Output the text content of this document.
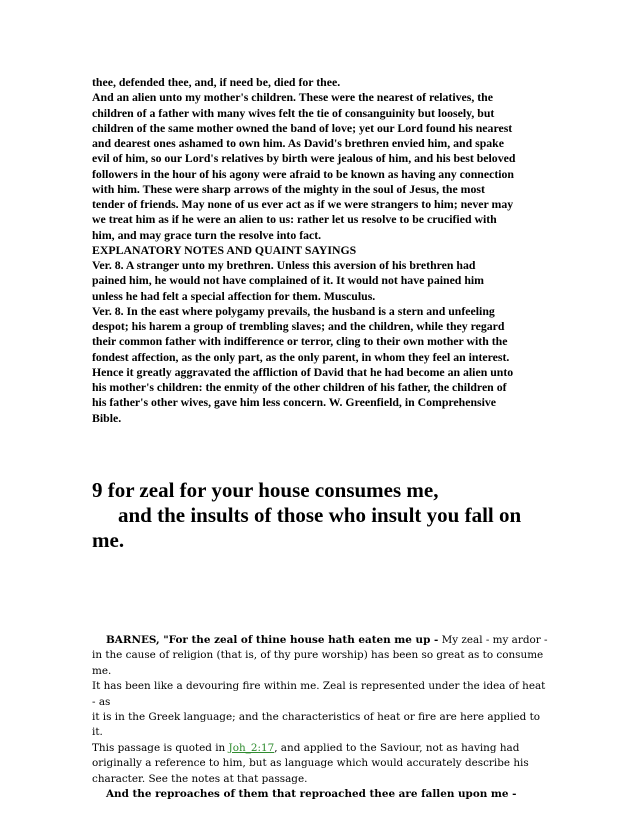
thee, defended thee, and, if need be, died for thee.

And an alien unto my mother's children. These were the nearest of relatives, the

children of a father with many wives felt the tie of consanguinity but loosely, but

children of the same mother owned the band of love; yet our Lord found his nearest

and dearest ones ashamed to own him. As David's brethren envied him, and spake

evil of him, so our Lord's relatives by birth were jealous of him, and his best beloved

followers in the hour of his agony were afraid to be known as having any connection

with him. These were sharp arrows of the mighty in the soul of Jesus, the most

tender of friends. May none of us ever act as if we were strangers to him; never may

we treat him as if he were an alien to us: rather let us resolve to be crucified with

him, and may grace turn the resolve into fact.

EXPLANATORY NOTES AND QUAINT SAYINGS

Ver. 8. A stranger unto my brethren. Unless this aversion of his brethren had

pained him, he would not have complained of it. It would not have pained him

unless he had felt a special affection for them. Musculus.

Ver. 8. In the east where polygamy prevails, the husband is a stern and unfeeling

despot; his harem a group of trembling slaves; and the children, while they regard

their common father with indifference or terror, cling to their own mother with the

fondest affection, as the only part, as the only parent, in whom they feel an interest.

Hence it greatly aggravated the affliction of David that he had become an alien unto

his mother's children: the enmity of the other children of his father, the children of

his father's other wives, gave him less concern. W. Greenfield, in Comprehensive

Bible.

9 for zeal for your house consumes me,

and the insults of those who insult you fall on

me.

BARNES, "For the zeal of thine house hath eaten me up - My zeal - my ardor -

in the cause of religion (that is, of thy pure worship) has been so great as to consume me.

It has been like a devouring fire within me. Zeal is represented under the idea of heat - as

it is in the Greek language; and the characteristics of heat or fire are here applied to it.

This passage is quoted in Joh_2:17, and applied to the Saviour, not as having had

originally a reference to him, but as language which would accurately describe his

character. See the notes at that passage.

And the reproaches of them that reproached thee are fallen upon me -
